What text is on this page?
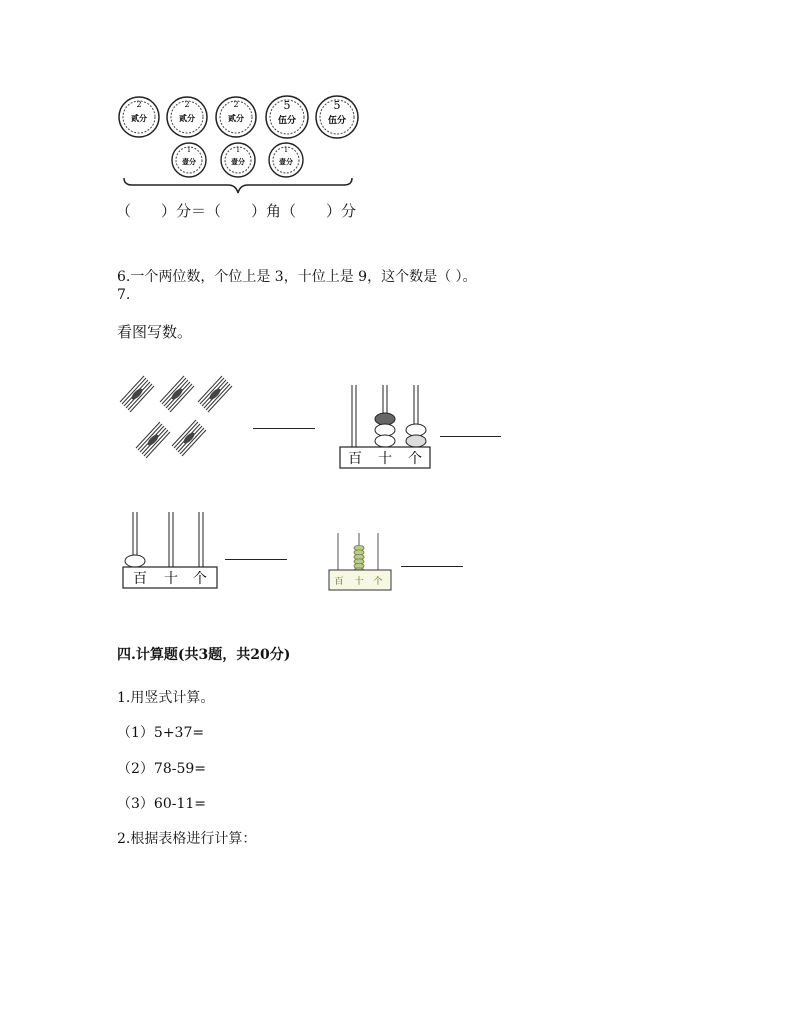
2
贰分
2
贰分
2
贰分
5
伍分
5
伍分
1
壹分
1
壹分
1
壹分
（ ）分＝（ ）角（ ）分
6.一个两位数，个位上是 3，十位上是 9，这个数是（ ）。
7.
看图写数。
百 十 个
百 十 个	百 十 个
四.计算题(共3题，共20分)
1.用竖式计算。
（1）5+37=
（2）78-59=
（3）60-11=
2.根据表格进行计算：
